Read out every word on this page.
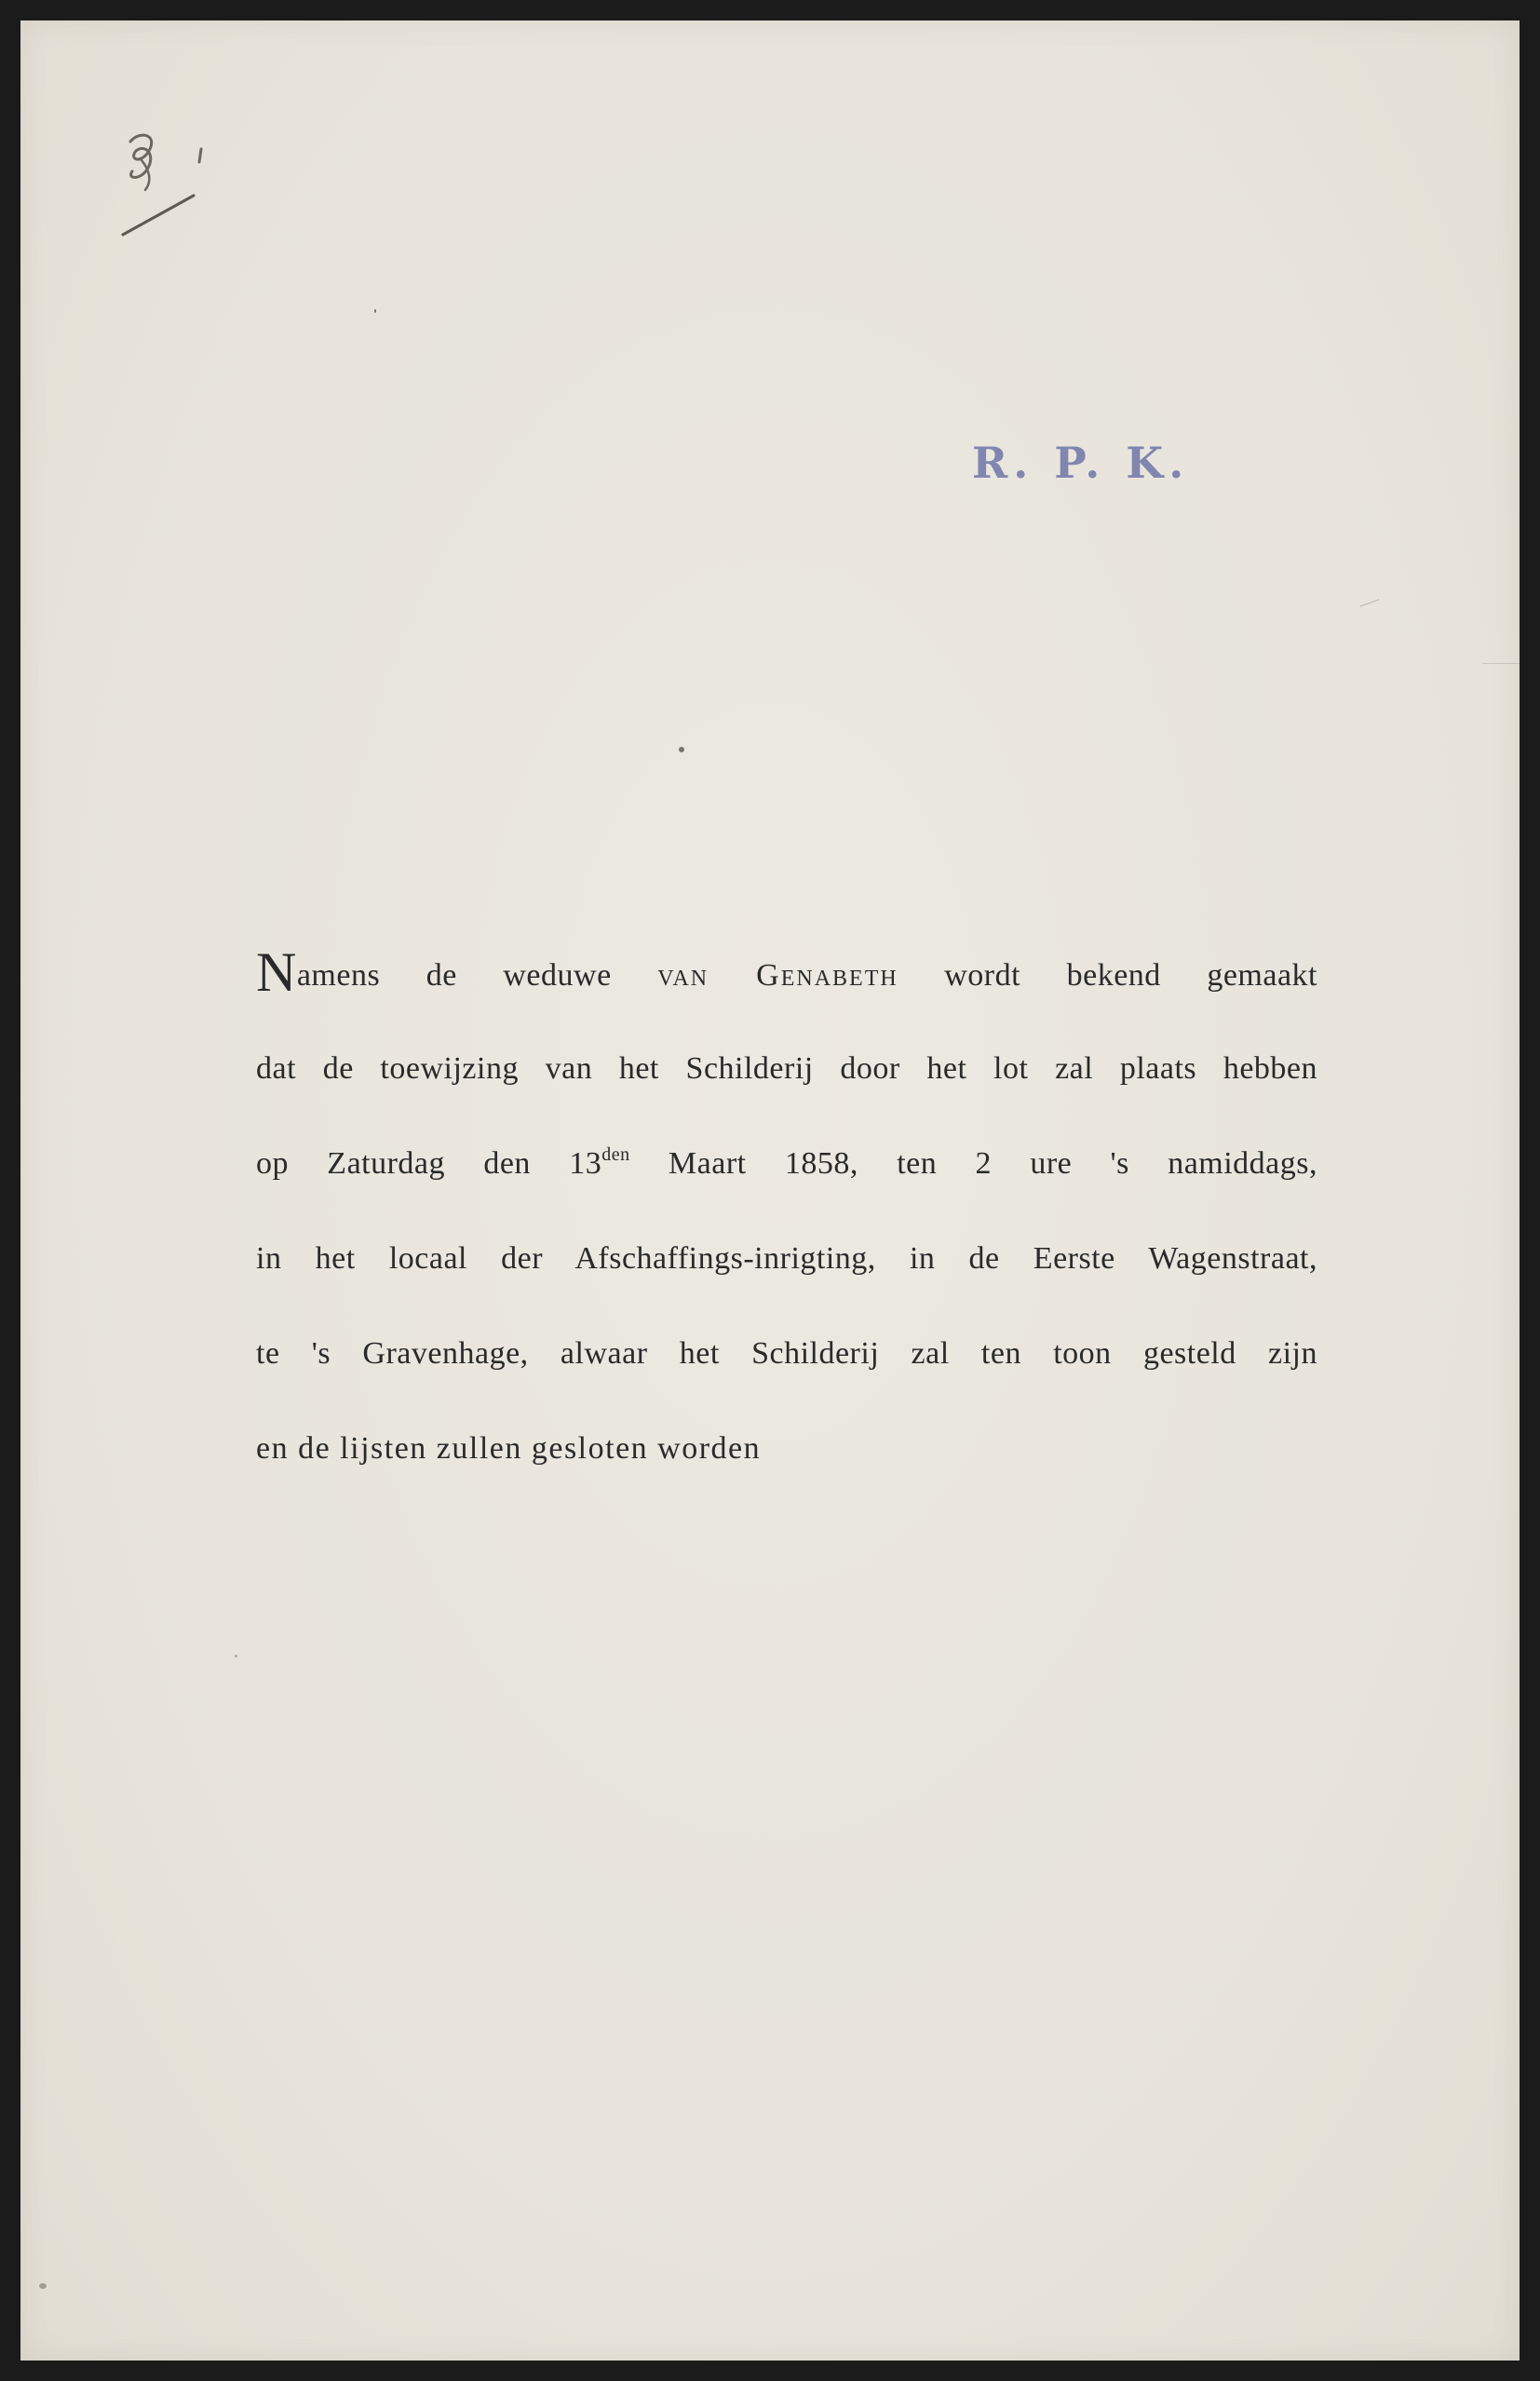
R. P. K.
Namens de weduwe van Genabeth wordt bekend gemaakt
dat de toewijzing van het Schilderij door het lot zal plaats hebben
op Zaturdag den $13^{den}$ Maart 1858, ten 2 ure 's namiddags,
in het locaal der Afschaffings-inrigting, in de Eerste Wagenstraat,
te 's Gravenhage, alwaar het Schilderij zal ten toon gesteld zijn
en de lijsten zullen gesloten worden
